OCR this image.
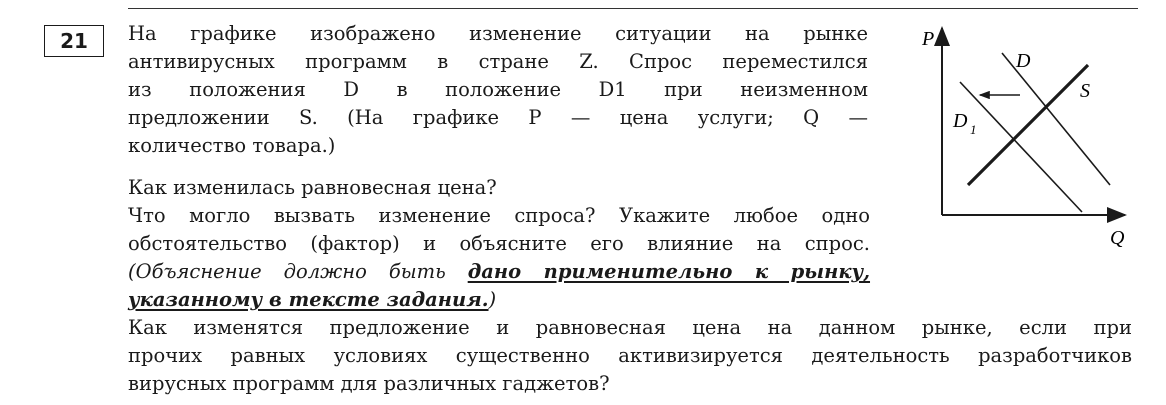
21	На графике изображено изменение ситуации на рынке
антивирусных программ в стране Z. Спрос переместился
из положения D в положение D1 при неизменном
предложении S. (На графике P — цена услуги; Q —
количество товара.)
Как изменилась равновесная цена?
Что могло вызвать изменение спроса? Укажите любое одно
обстоятельство (фактор) и объясните его влияние на спрос.
(Объяснение должно быть дано применительно к рынку,
указанному в тексте задания.)
Как изменятся предложение и равновесная цена на данном рынке, если при
прочих равных условиях существенно активизируется деятельность разработчиков
вирусных программ для различных гаджетов?
P
Q
D
D 1
S
